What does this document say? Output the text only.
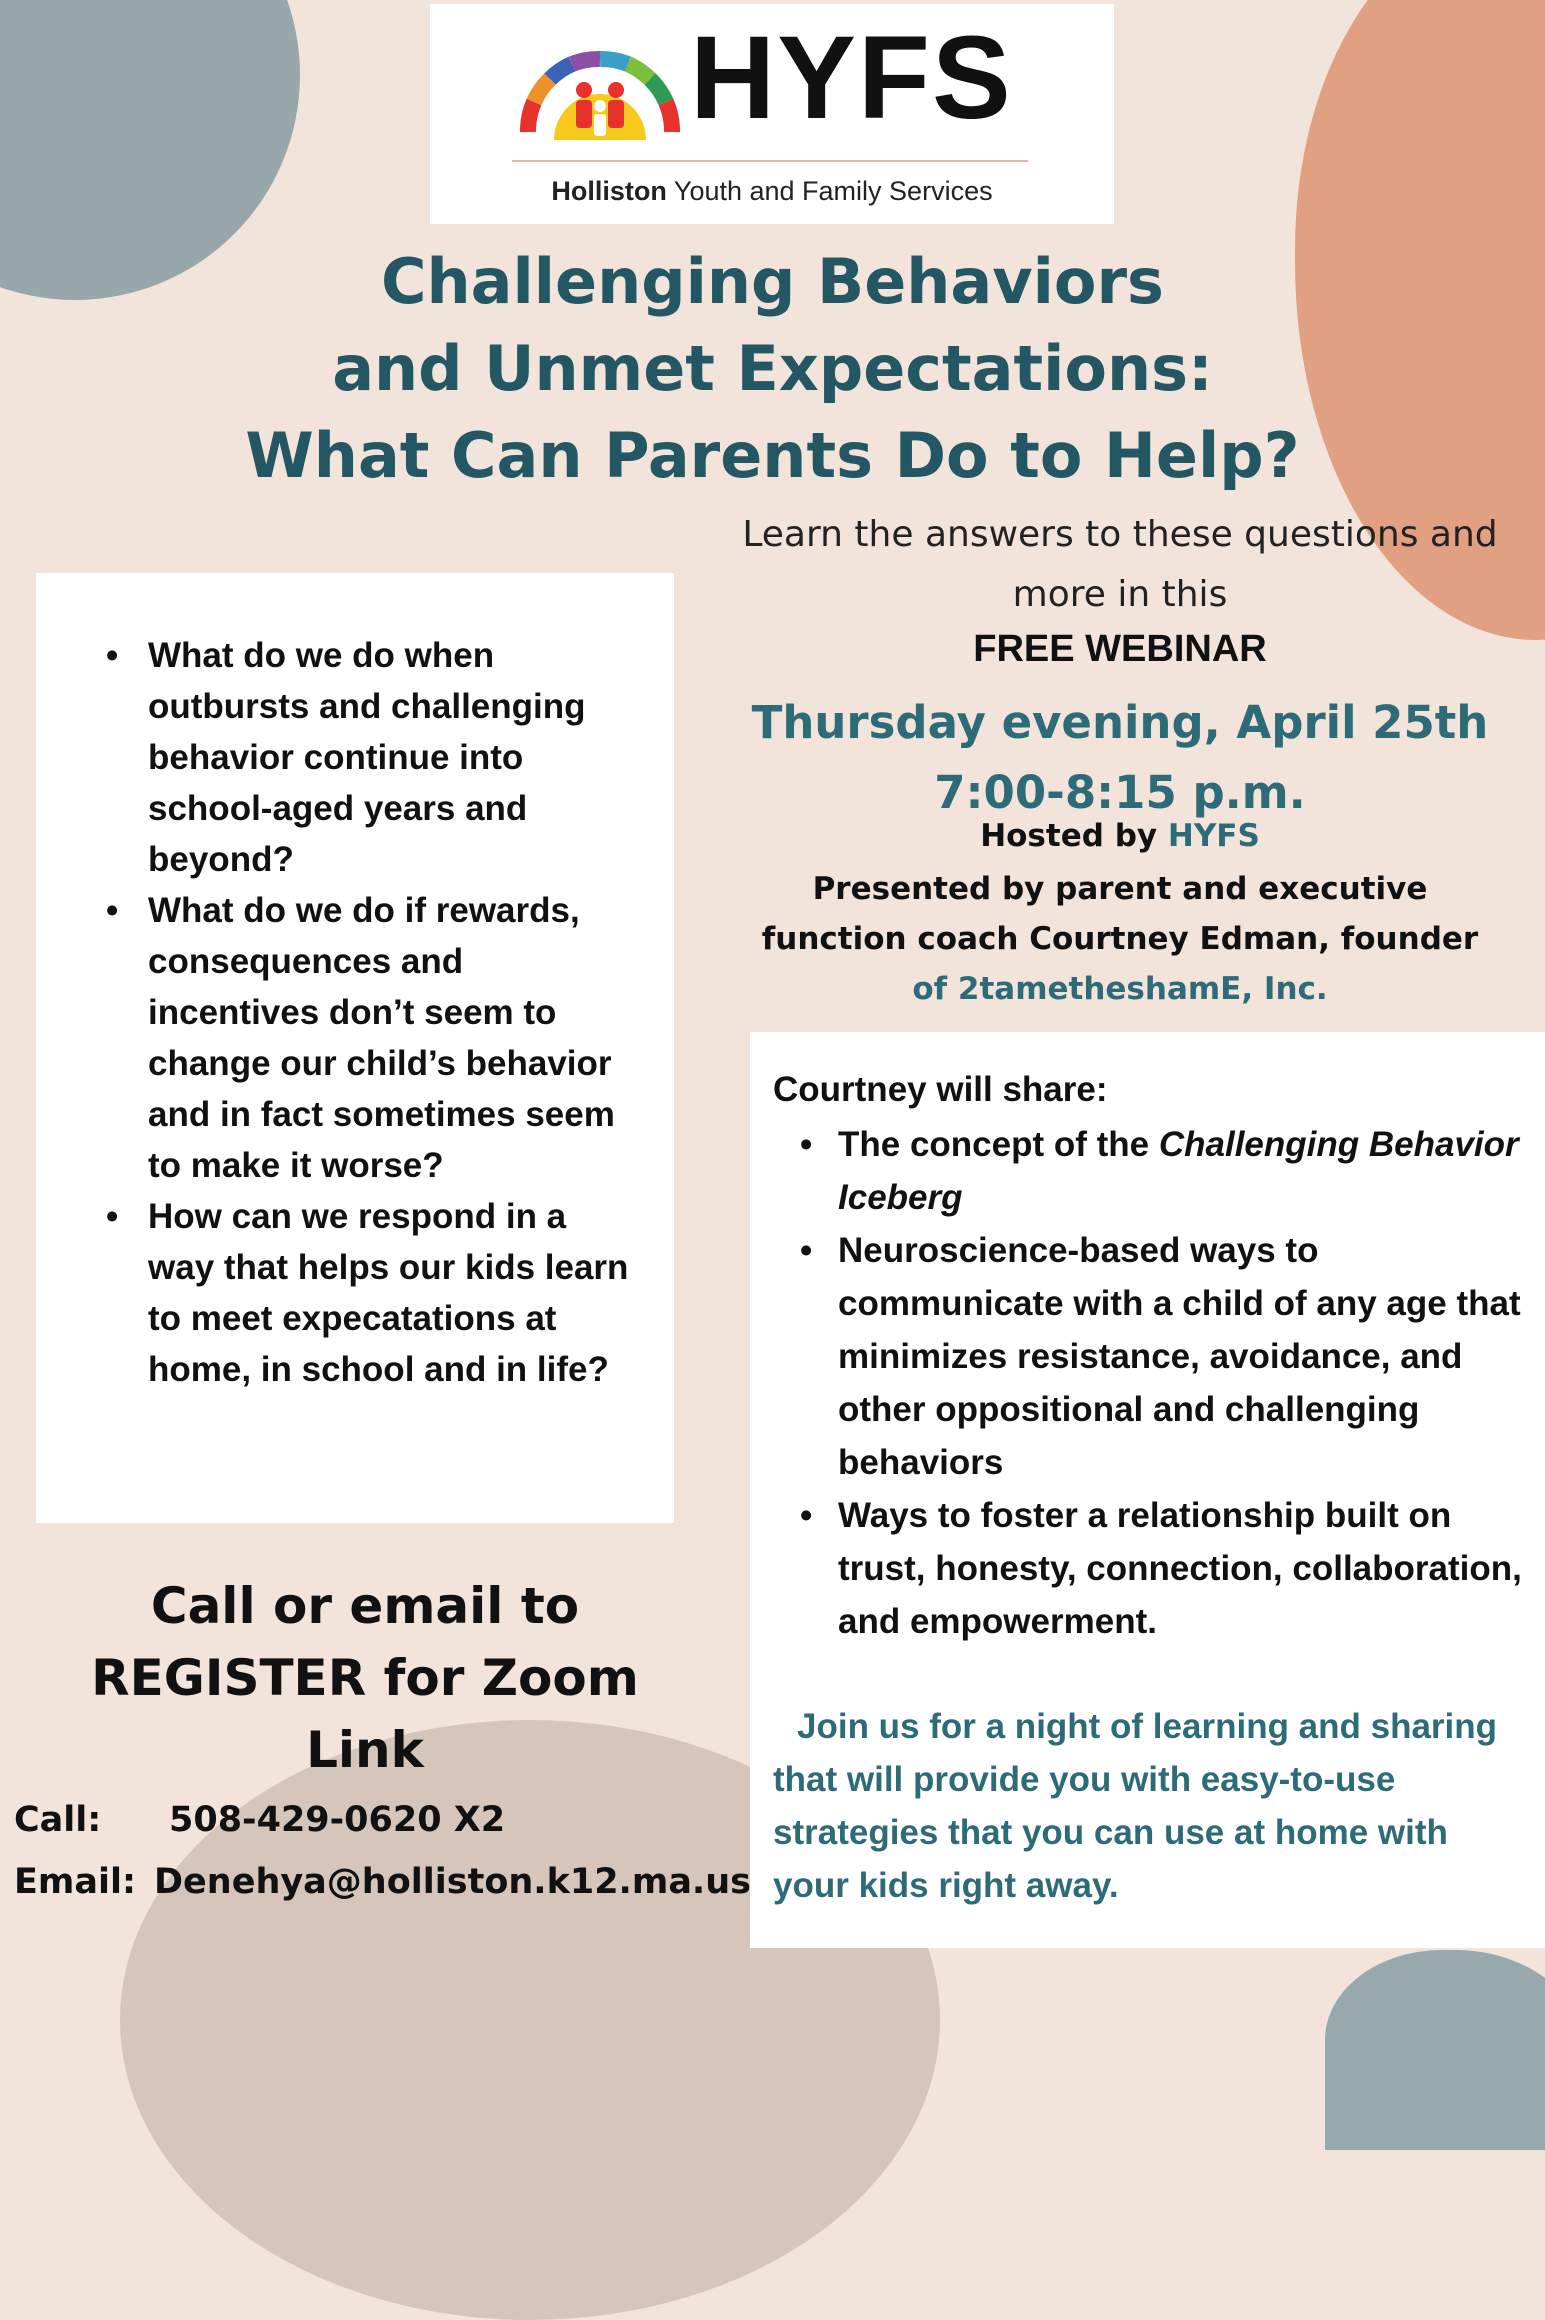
HYFS
Holliston Youth and Family Services
Challenging Behaviors
and Unmet Expectations:
What Can Parents Do to Help?
Learn the answers to these questions and
more in this
FREE WEBINAR
Thursday evening, April 25th
7:00-8:15 p.m.
Hosted by HYFS
Presented by parent and executive
function coach Courtney Edman, founder
of 2tametheshamE, Inc.
• What do we do when outbursts and challenging behavior continue into school-aged years and beyond?
• What do we do if rewards, consequences and incentives don’t seem to change our child’s behavior and in fact sometimes seem to make it worse?
• How can we respond in a way that helps our kids learn to meet expecatations at home, in school and in life?
Courtney will share:
• The concept of the Challenging Behavior Iceberg
• Neuroscience-based ways to communicate with a child of any age that minimizes resistance, avoidance, and other oppositional and challenging behaviors
• Ways to foster a relationship built on trust, honesty, connection, collaboration, and empowerment.
Join us for a night of learning and sharing that will provide you with easy-to-use strategies that you can use at home with your kids right away.
Call or email to
REGISTER for Zoom
Link
Call: 508-429-0620 X2
Email: Denehya@holliston.k12.ma.us
